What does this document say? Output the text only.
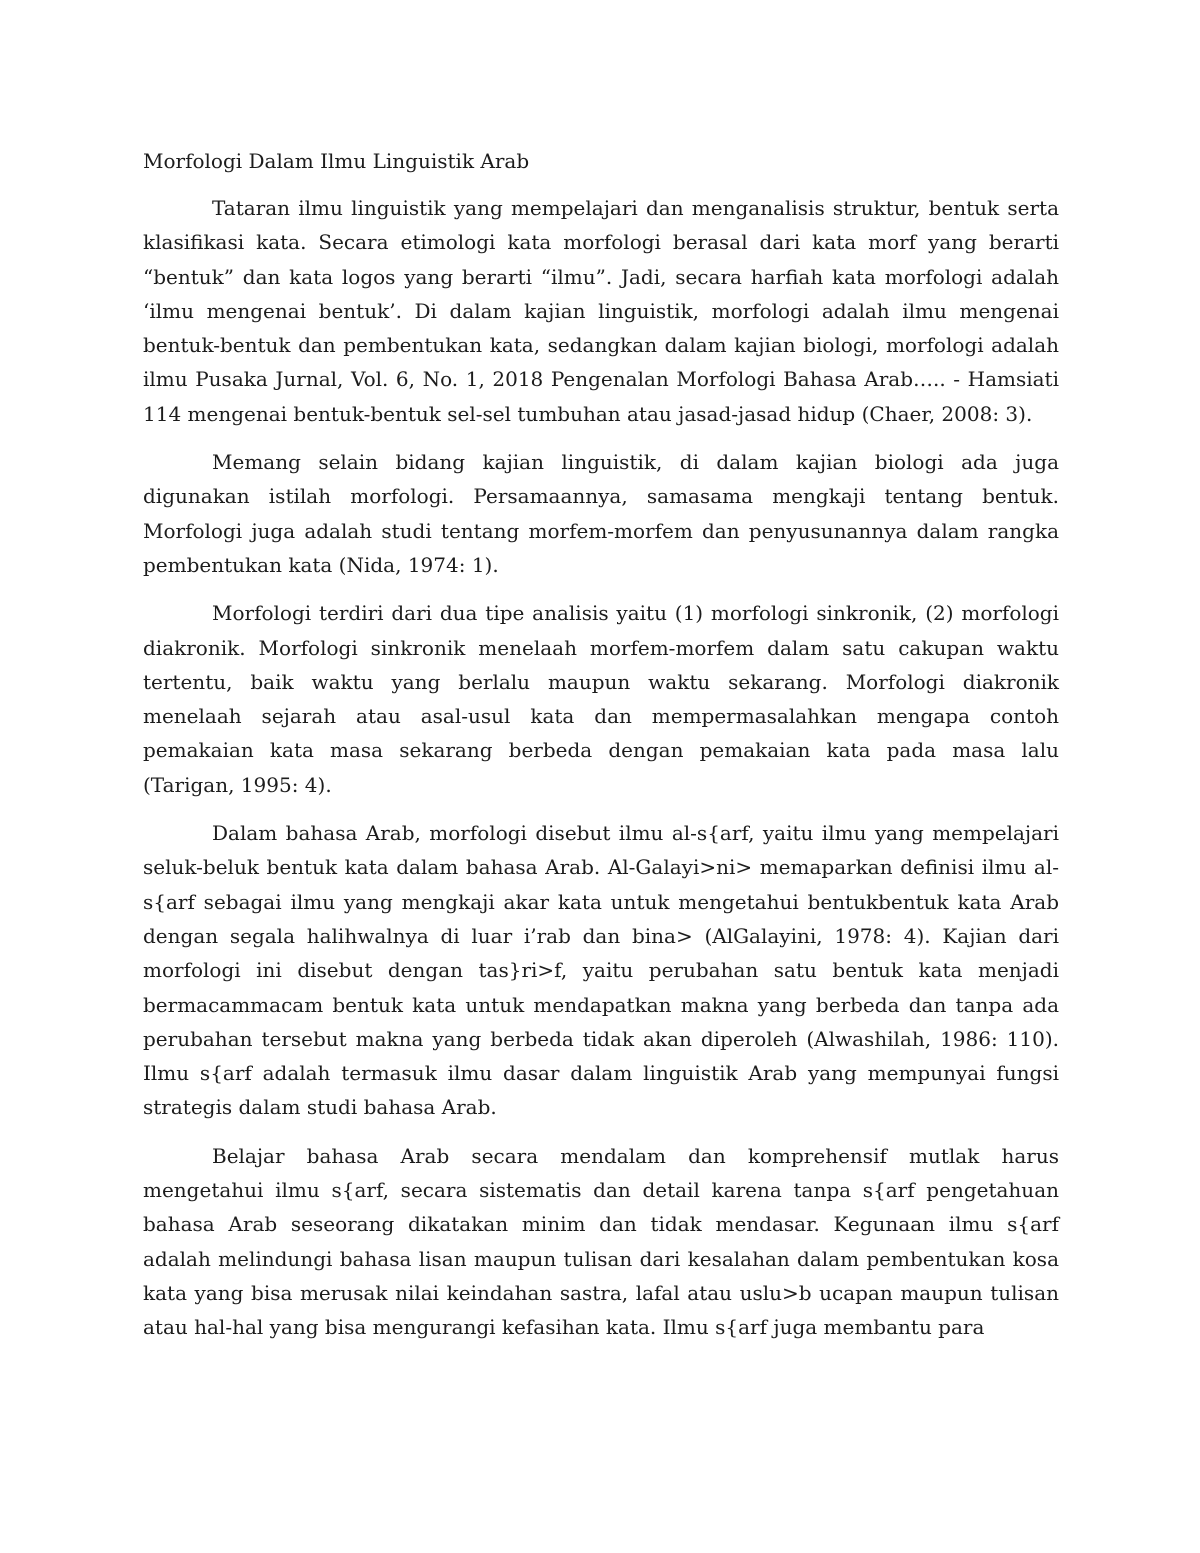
Morfologi Dalam Ilmu Linguistik Arab

Tataran ilmu linguistik yang mempelajari dan menganalisis struktur, bentuk serta klasifikasi kata. Secara etimologi kata morfologi berasal dari kata morf yang berarti “bentuk” dan kata logos yang berarti “ilmu”. Jadi, secara harfiah kata morfologi adalah ‘ilmu mengenai bentuk’. Di dalam kajian linguistik, morfologi adalah ilmu mengenai bentuk-bentuk dan pembentukan kata, sedangkan dalam kajian biologi, morfologi adalah ilmu Pusaka Jurnal, Vol. 6, No. 1, 2018 Pengenalan Morfologi Bahasa Arab….. - Hamsiati 114 mengenai bentuk-bentuk sel-sel tumbuhan atau jasad-jasad hidup (Chaer, 2008: 3).

Memang selain bidang kajian linguistik, di dalam kajian biologi ada juga digunakan istilah morfologi. Persamaannya, samasama mengkaji tentang bentuk. Morfologi juga adalah studi tentang morfem-morfem dan penyusunannya dalam rangka pembentukan kata (Nida, 1974: 1).

Morfologi terdiri dari dua tipe analisis yaitu (1) morfologi sinkronik, (2) morfologi diakronik. Morfologi sinkronik menelaah morfem-morfem dalam satu cakupan waktu tertentu, baik waktu yang berlalu maupun waktu sekarang. Morfologi diakronik menelaah sejarah atau asal-usul kata dan mempermasalahkan mengapa contoh pemakaian kata masa sekarang berbeda dengan pemakaian kata pada masa lalu (Tarigan, 1995: 4).

Dalam bahasa Arab, morfologi disebut ilmu al-s{arf, yaitu ilmu yang mempelajari seluk-beluk bentuk kata dalam bahasa Arab. Al-Galayi>ni> memaparkan definisi ilmu al-s{arf sebagai ilmu yang mengkaji akar kata untuk mengetahui bentukbentuk kata Arab dengan segala halihwalnya di luar i’rab dan bina> (AlGalayini, 1978: 4). Kajian dari morfologi ini disebut dengan tas}ri>f, yaitu perubahan satu bentuk kata menjadi bermacammacam bentuk kata untuk mendapatkan makna yang berbeda dan tanpa ada perubahan tersebut makna yang berbeda tidak akan diperoleh (Alwashilah, 1986: 110). Ilmu s{arf adalah termasuk ilmu dasar dalam linguistik Arab yang mempunyai fungsi strategis dalam studi bahasa Arab.

Belajar bahasa Arab secara mendalam dan komprehensif mutlak harus mengetahui ilmu s{arf, secara sistematis dan detail karena tanpa s{arf pengetahuan bahasa Arab seseorang dikatakan minim dan tidak mendasar. Kegunaan ilmu s{arf adalah melindungi bahasa lisan maupun tulisan dari kesalahan dalam pembentukan kosa kata yang bisa merusak nilai keindahan sastra, lafal atau uslu>b ucapan maupun tulisan atau hal-hal yang bisa mengurangi kefasihan kata. Ilmu s{arf juga membantu para
